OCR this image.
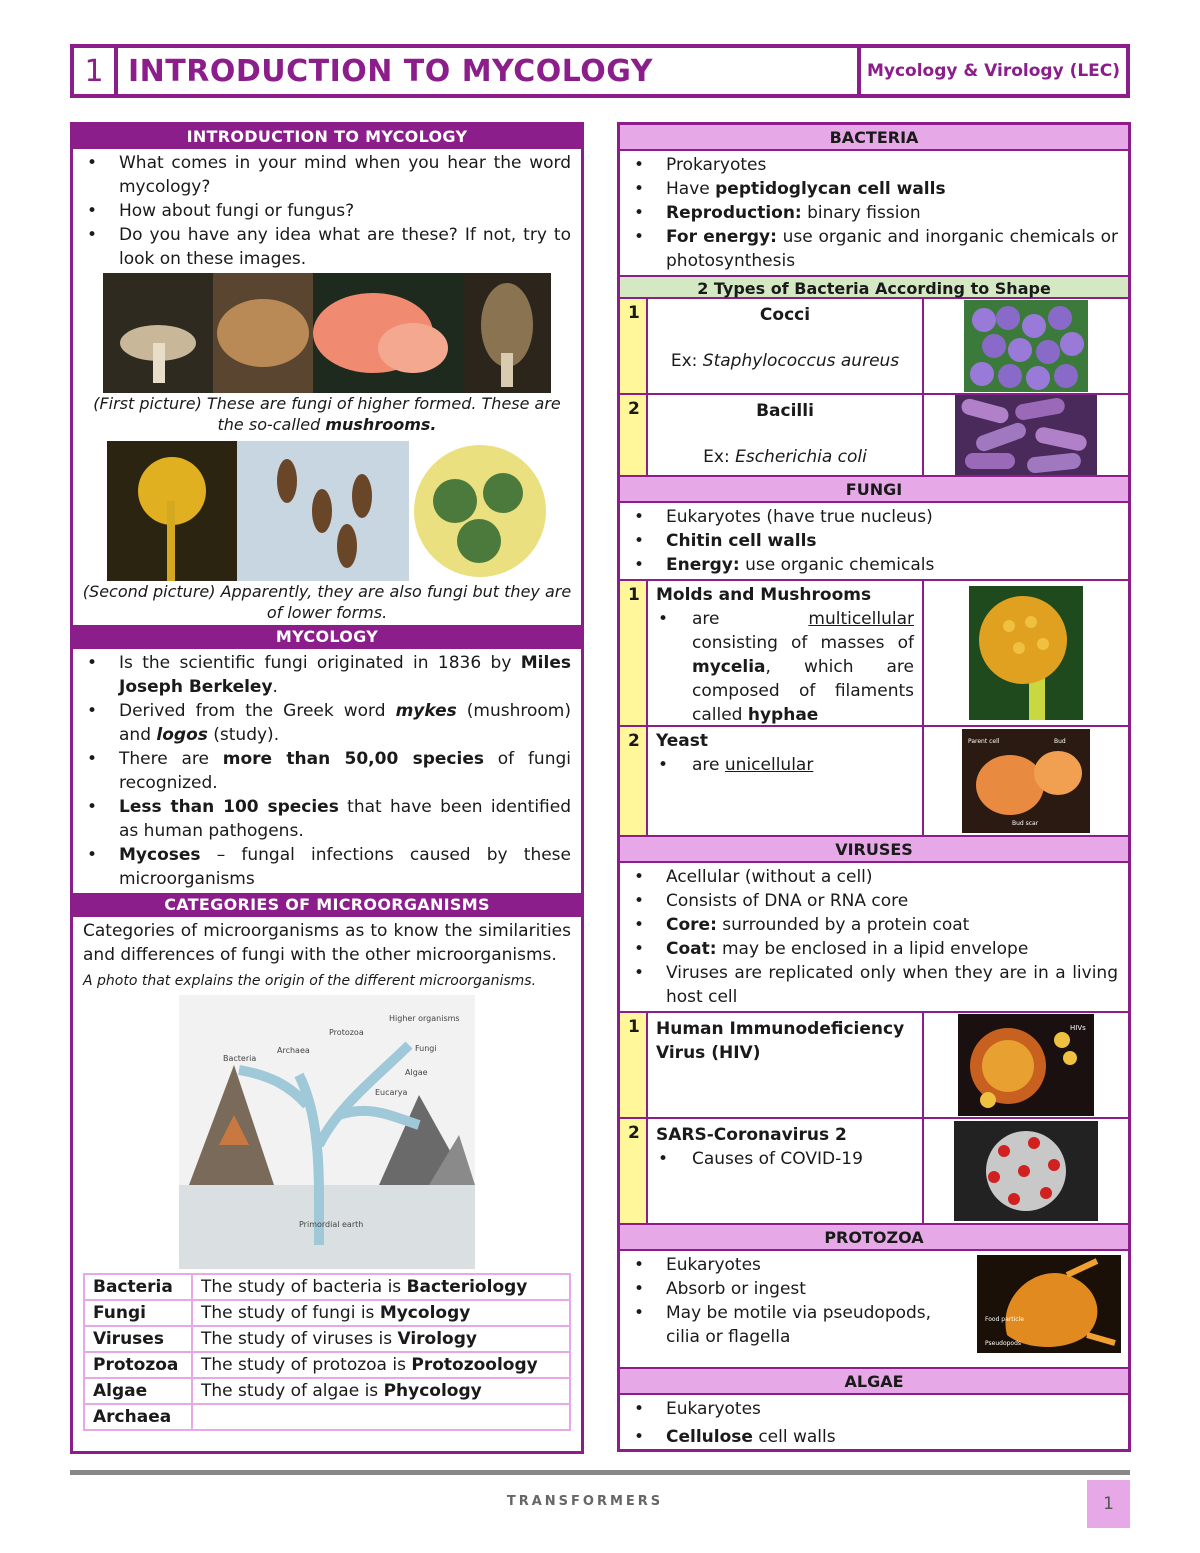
1 INTRODUCTION TO MYCOLOGY	Mycology & Virology (LEC)
INTRODUCTION TO MYCOLOGY
• What comes in your mind when you hear the word mycology?
• How about fungi or fungus?
• Do you have any idea what are these? If not, try to look on these images.
(First picture) These are fungi of higher formed. These are the so-called mushrooms.
(Second picture) Apparently, they are also fungi but they are of lower forms.
MYCOLOGY
• Is the scientific fungi originated in 1836 by Miles Joseph Berkeley.
• Derived from the Greek word mykes (mushroom) and logos (study).
• There are more than 50,00 species of fungi recognized.
• Less than 100 species that have been identified as human pathogens.
• Mycoses – fungal infections caused by these microorganisms
CATEGORIES OF MICROORGANISMS
Categories of microorganisms as to know the similarities and differences of fungi with the other microorganisms.
A photo that explains the origin of the different microorganisms.
Higher organisms
Protozoa
Archaea
Bacteria
Fungi
Algae
Eucarya
Primordial earth
Bacteria	The study of bacteria is Bacteriology
Fungi	The study of fungi is Mycology
Viruses	The study of viruses is Virology
Protozoa	The study of protozoa is Protozoology
Algae	The study of algae is Phycology
Archaea	
BACTERIA
• Prokaryotes
• Have peptidoglycan cell walls
• Reproduction: binary fission
• For energy: use organic and inorganic chemicals or photosynthesis
2 Types of Bacteria According to Shape
1	Cocci
Ex: Staphylococcus aureus
2	Bacilli
Ex: Escherichia coli
FUNGI
• Eukaryotes (have true nucleus)
• Chitin cell walls
• Energy: use organic chemicals
1 Molds and Mushrooms
• are multicellular consisting of masses of mycelia, which are composed of filaments called hyphae
2 Yeast
• are unicellular
Parent cell	Bud
Bud scar
VIRUSES
• Acellular (without a cell)
• Consists of DNA or RNA core
• Core: surrounded by a protein coat
• Coat: may be enclosed in a lipid envelope
• Viruses are replicated only when they are in a living host cell
1 Human Immunodeficiency Virus (HIV)
HIVs
2 SARS-Coronavirus 2
• Causes of COVID-19
PROTOZOA
• Eukaryotes
• Absorb or ingest
• May be motile via pseudopods, cilia or flagella
Food particle
Pseudopods
ALGAE
• Eukaryotes
• Cellulose cell walls
TRANSFORMERS	1
